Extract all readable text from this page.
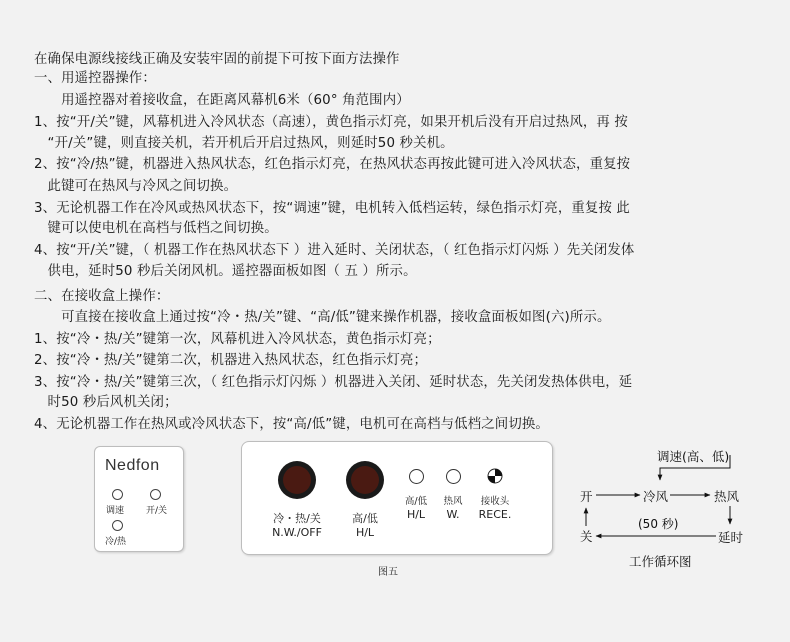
在确保电源线接线正确及安装牢固的前提下可按下面方法操作
一、用遥控器操作：
　　用遥控器对着接收盒，在距离风幕机6米（60° 角范围内）
1、按“开/关”键，风幕机进入冷风状态（高速），黄色指示灯亮，如果开机后没有开启过热风，再 按
　“开/关”键，则直接关机，若开机后开启过热风，则延时50 秒关机。
2、按“冷/热”键，机器进入热风状态，红色指示灯亮，在热风状态再按此键可进入冷风状态，重复按
　此键可在热风与冷风之间切换。
3、无论机器工作在冷风或热风状态下，按“调速”键，电机转入低档运转，绿色指示灯亮，重复按 此
　键可以使电机在高档与低档之间切换。
4、按“开/关”键，（ 机器工作在热风状态下 ）进入延时、关闭状态，（ 红色指示灯闪烁 ）先关闭发体
　供电，延时50 秒后关闭风机。遥控器面板如图（ 五 ）所示。
二、在接收盒上操作：
　　可直接在接收盒上通过按“冷・热/关”键、“高/低”键来操作机器，接收盒面板如图(六)所示。
1、按“冷・热/关”键第一次，风幕机进入冷风状态，黄色指示灯亮；
2、按“冷・热/关”键第二次，机器进入热风状态，红色指示灯亮；
3、按“冷・热/关”键第三次，（ 红色指示灯闪烁 ）机器进入关闭、延时状态，先关闭发热体供电，延
　时50 秒后风机关闭；
4、无论机器工作在热风或冷风状态下，按“高/低”键，电机可在高档与低档之间切换。
Nedfon
调速 开/关
冷/热
冷・热/关
N.W./OFF
高/低
H/L
高/低
H/L
热风
W.
接收头
RECE.
图五
调速(高、低)
开	冷风	热风
关	延时
(50 秒)
工作循环图
